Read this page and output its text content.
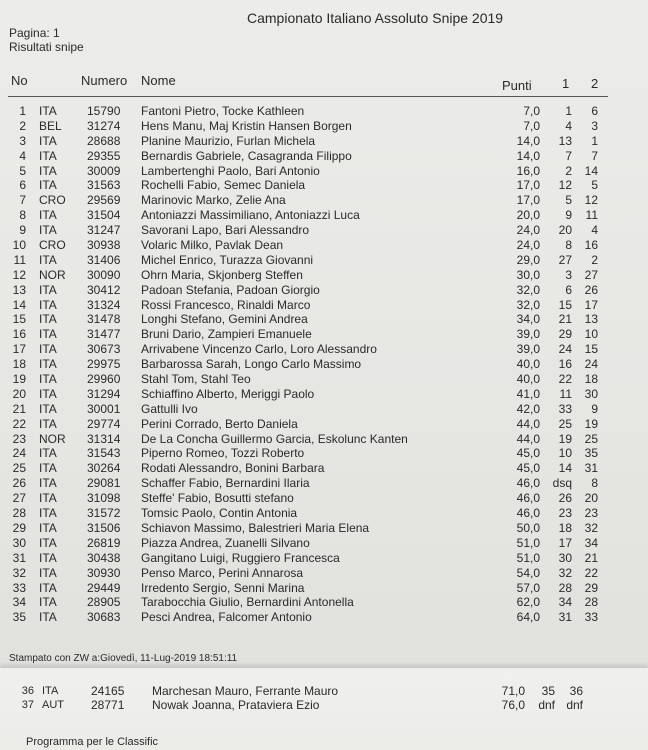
Campionato Italiano Assoluto Snipe 2019
Pagina: 1
Risultati snipe
No	Numero Nome	Punti 1 2
1 ITA	15790 Fantoni Pietro, Tocke Kathleen	7,0	1	6
2 BEL 31274 Hens Manu, Maj Kristin Hansen Borgen	7,0	4	3
3 ITA	28688 Planine Maurizio, Furlan Michela	14,0	13	1
4 ITA	29355 Bernardis Gabriele, Casagranda Filippo	14,0	7	7
5 ITA	30009 Lambertenghi Paolo, Bari Antonio	16,0	2	14
6 ITA	31563 Rochelli Fabio, Semec Daniela	17,0	12	5
7 CRO 29569 Marinovic Marko, Zelie Ana	17,0	5	12
8 ITA	31504 Antoniazzi Massimiliano, Antoniazzi Luca	20,0	9	11
9 ITA	31247 Savorani Lapo, Bari Alessandro	24,0	20	4
10 CRO 30938 Volaric Milko, Pavlak Dean	24,0	8	16
11 ITA	31406 Michel Enrico, Turazza Giovanni	29,0	27	2
12 NOR 30090 Ohrn Maria, Skjonberg Steffen	30,0	3	27
13 ITA	30412 Padoan Stefania, Padoan Giorgio	32,0	6	26
14 ITA	31324 Rossi Francesco, Rinaldi Marco	32,0	15	17
15 ITA	31478 Longhi Stefano, Gemini Andrea	34,0	21	13
16 ITA	31477 Bruni Dario, Zampieri Emanuele	39,0	29	10
17 ITA	30673 Arrivabene Vincenzo Carlo, Loro Alessandro	39,0	24	15
18 ITA	29975 Barbarossa Sarah, Longo Carlo Massimo	40,0	16	24
19 ITA	29960 Stahl Tom, Stahl Teo	40,0	22	18
20 ITA	31294 Schiaffino Alberto, Meriggi Paolo	41,0	11	30
21 ITA	30001 Gattulli Ivo	42,0	33	9
22 ITA	29774 Perini Corrado, Berto Daniela	44,0	25	19
23 NOR 31314 De La Concha Guillermo Garcia, Eskolunc Kanten	44,0	19	25
24 ITA	31543 Piperno Romeo, Tozzi Roberto	45,0	10	35
25 ITA	30264 Rodati Alessandro, Bonini Barbara	45,0	14	31
26 ITA	29081 Schaffer Fabio, Bernardini Ilaria	46,0	dsq	8
27 ITA	31098 Steffe' Fabio, Bosutti stefano	46,0	26	20
28 ITA	31572 Tomsic Paolo, Contin Antonia	46,0	23	23
29 ITA	31506 Schiavon Massimo, Balestrieri Maria Elena	50,0	18	32
30 ITA	26819 Piazza Andrea, Zuanelli Silvano	51,0	17	34
31 ITA	30438 Gangitano Luigi, Ruggiero Francesca	51,0	30	21
32 ITA	30930 Penso Marco, Perini Annarosa	54,0	32	22
33 ITA	29449 Irredento Sergio, Senni Marina	57,0	28	29
34 ITA	28905 Tarabocchia Giulio, Bernardini Antonella	62,0	34	28
35 ITA	30683 Pesci Andrea, Falcomer Antonio	64,0	31	33
Stampato con ZW a:Giovedì, 11-Lug-2019 18:51:11
36 ITA	24165 Marchesan Mauro, Ferrante Mauro	71,0	35	36
37 AUT 28771 Nowak Joanna, Prataviera Ezio	76,0	dnf dnf
Programma per le Classific
